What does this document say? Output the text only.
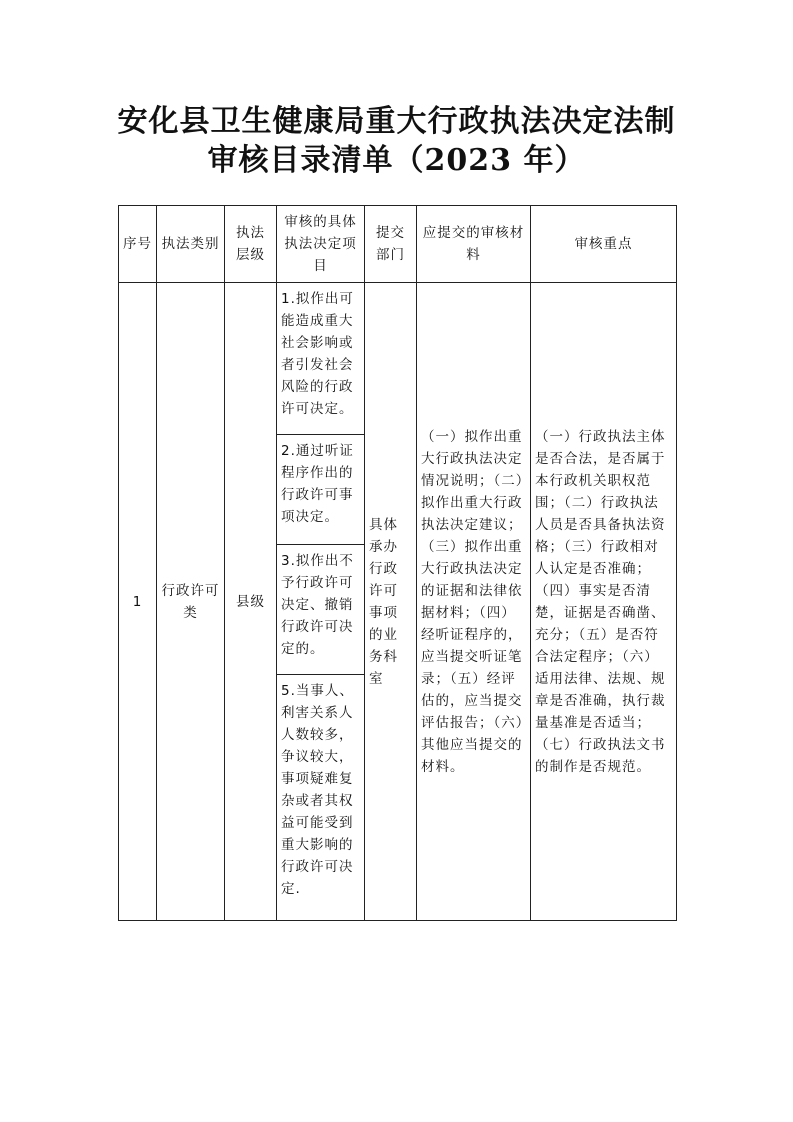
安化县卫生健康局重大行政执法决定法制
审核目录清单（2023 年）
序号	执法类别	执法层级	审核的具体执法决定项目	提交部门	应提交的审核材料	审核重点
1	行政许可类	县级	1.拟作出可能造成重大社会影响或者引发社会风险的行政许可决定。	具体承办行政许可事项的业务科室	（一）拟作出重大行政执法决定情况说明；（二）拟作出重大行政执法决定建议；（三）拟作出重大行政执法决定的证据和法律依据材料；（四）经听证程序的，应当提交听证笔录；（五）经评估的，应当提交评估报告；（六）其他应当提交的材料。	（一）行政执法主体是否合法，是否属于本行政机关职权范围；（二）行政执法人员是否具备执法资格；（三）行政相对人认定是否准确；（四）事实是否清楚，证据是否确凿、充分；（五）是否符合法定程序；（六）适用法律、法规、规章是否准确，执行裁量基准是否适当；（七）行政执法文书的制作是否规范。
			2.通过听证程序作出的行政许可事项决定。			
			3.拟作出不予行政许可决定、撤销行政许可决定的。			
			5.当事人、利害关系人人数较多，争议较大，事项疑难复杂或者其权益可能受到重大影响的行政许可决定.			
